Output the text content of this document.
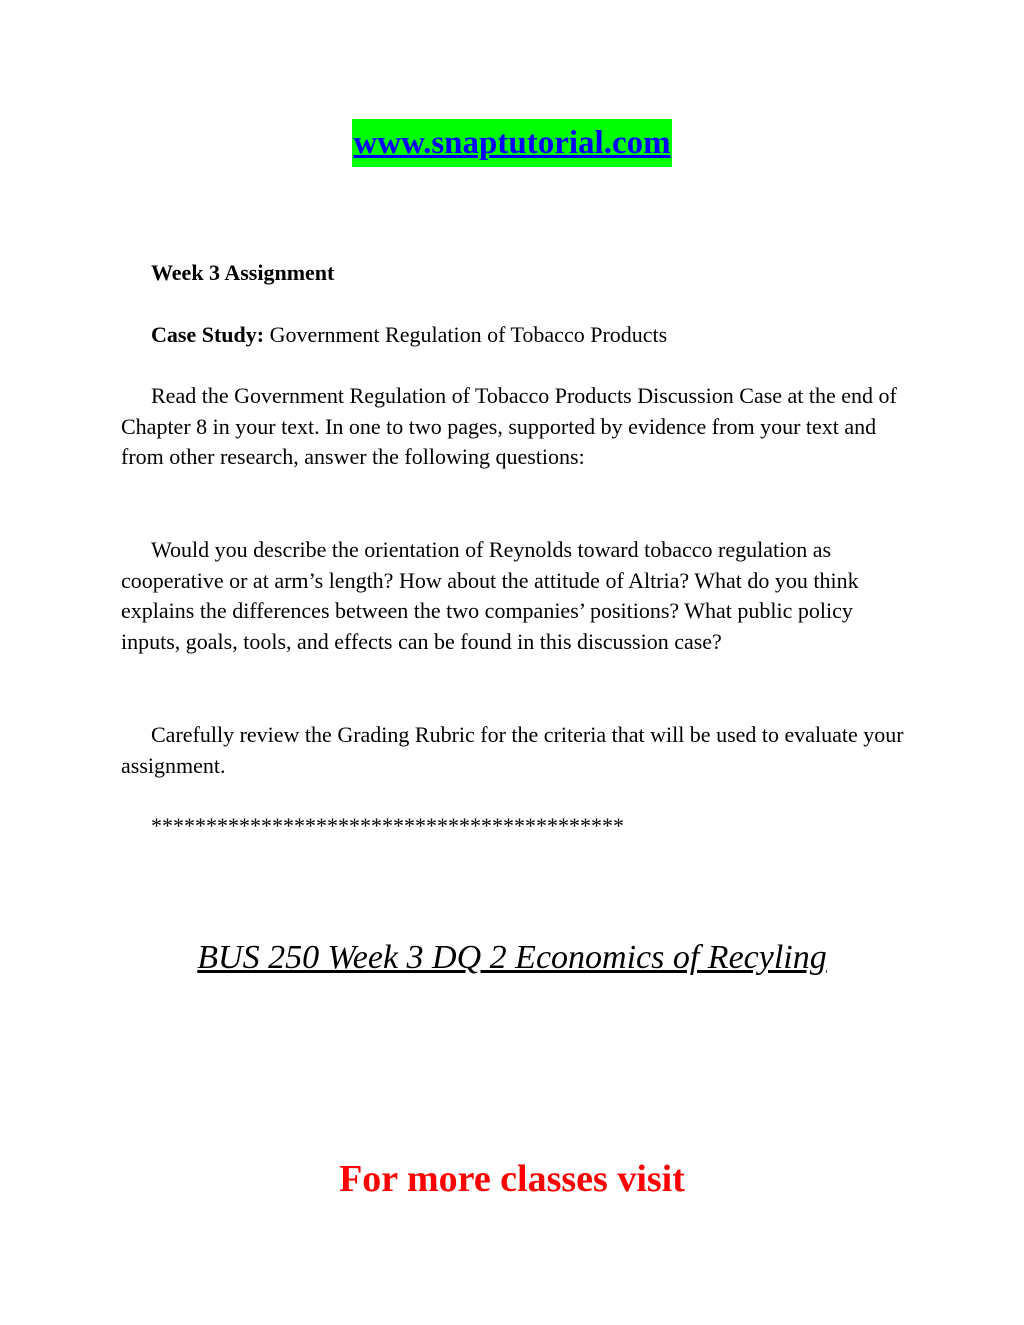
www.snaptutorial.com

Week 3 Assignment

Case Study: Government Regulation of Tobacco Products

Read the Government Regulation of Tobacco Products Discussion Case at the end of Chapter 8 in your text. In one to two pages, supported by evidence from your text and from other research, answer the following questions:

Would you describe the orientation of Reynolds toward tobacco regulation as cooperative or at arm’s length? How about the attitude of Altria? What do you think explains the differences between the two companies’ positions? What public policy inputs, goals, tools, and effects can be found in this discussion case?

Carefully review the Grading Rubric for the criteria that will be used to evaluate your assignment.

*******************************************

BUS 250 Week 3 DQ 2 Economics of Recyling

For more classes visit
